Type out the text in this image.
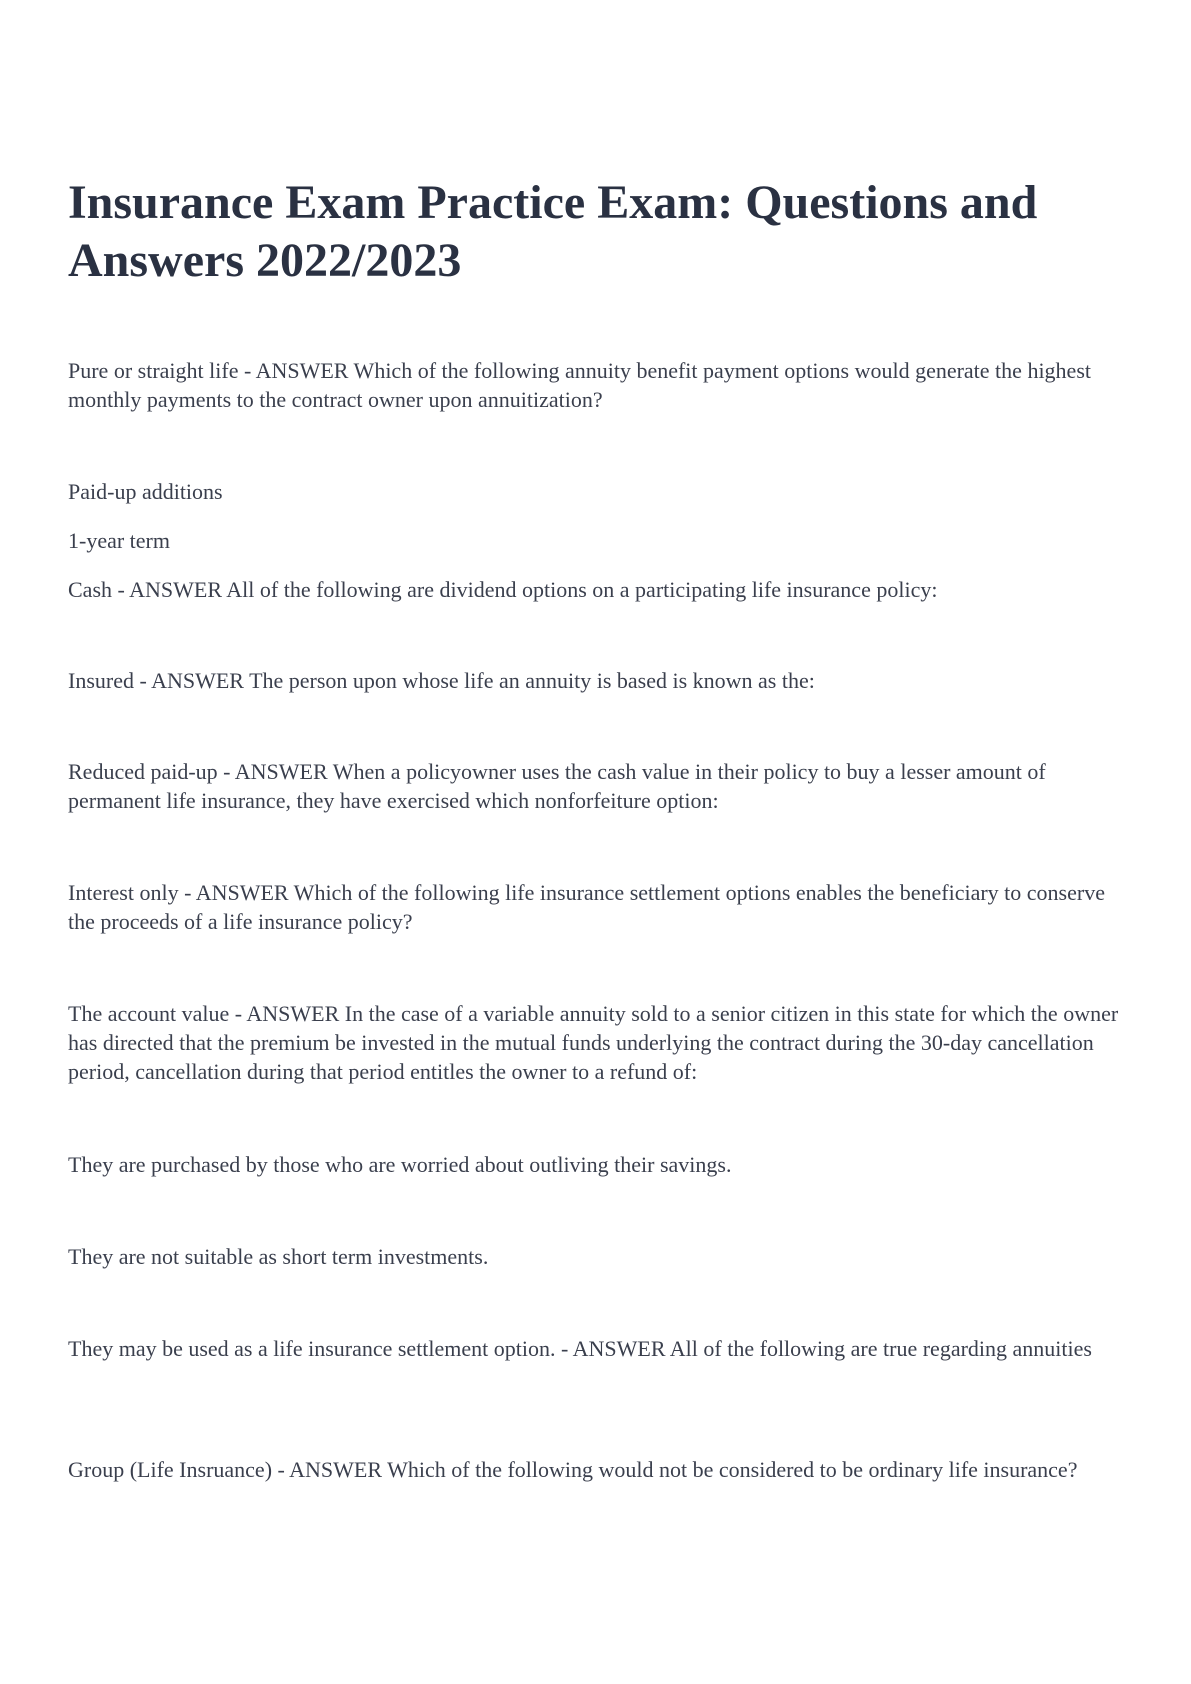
Insurance Exam Practice Exam: Questions and Answers 2022/2023

Pure or straight life - ANSWER Which of the following annuity benefit payment options would generate the highest monthly payments to the contract owner upon annuitization?

Paid-up additions

1-year term

Cash - ANSWER All of the following are dividend options on a participating life insurance policy:

Insured - ANSWER The person upon whose life an annuity is based is known as the:

Reduced paid-up - ANSWER When a policyowner uses the cash value in their policy to buy a lesser amount of permanent life insurance, they have exercised which nonforfeiture option:

Interest only - ANSWER Which of the following life insurance settlement options enables the beneficiary to conserve the proceeds of a life insurance policy?

The account value - ANSWER In the case of a variable annuity sold to a senior citizen in this state for which the owner has directed that the premium be invested in the mutual funds underlying the contract during the 30-day cancellation period, cancellation during that period entitles the owner to a refund of:

They are purchased by those who are worried about outliving their savings.

They are not suitable as short term investments.

They may be used as a life insurance settlement option. - ANSWER All of the following are true regarding annuities

Group (Life Insruance) - ANSWER Which of the following would not be considered to be ordinary life insurance?
